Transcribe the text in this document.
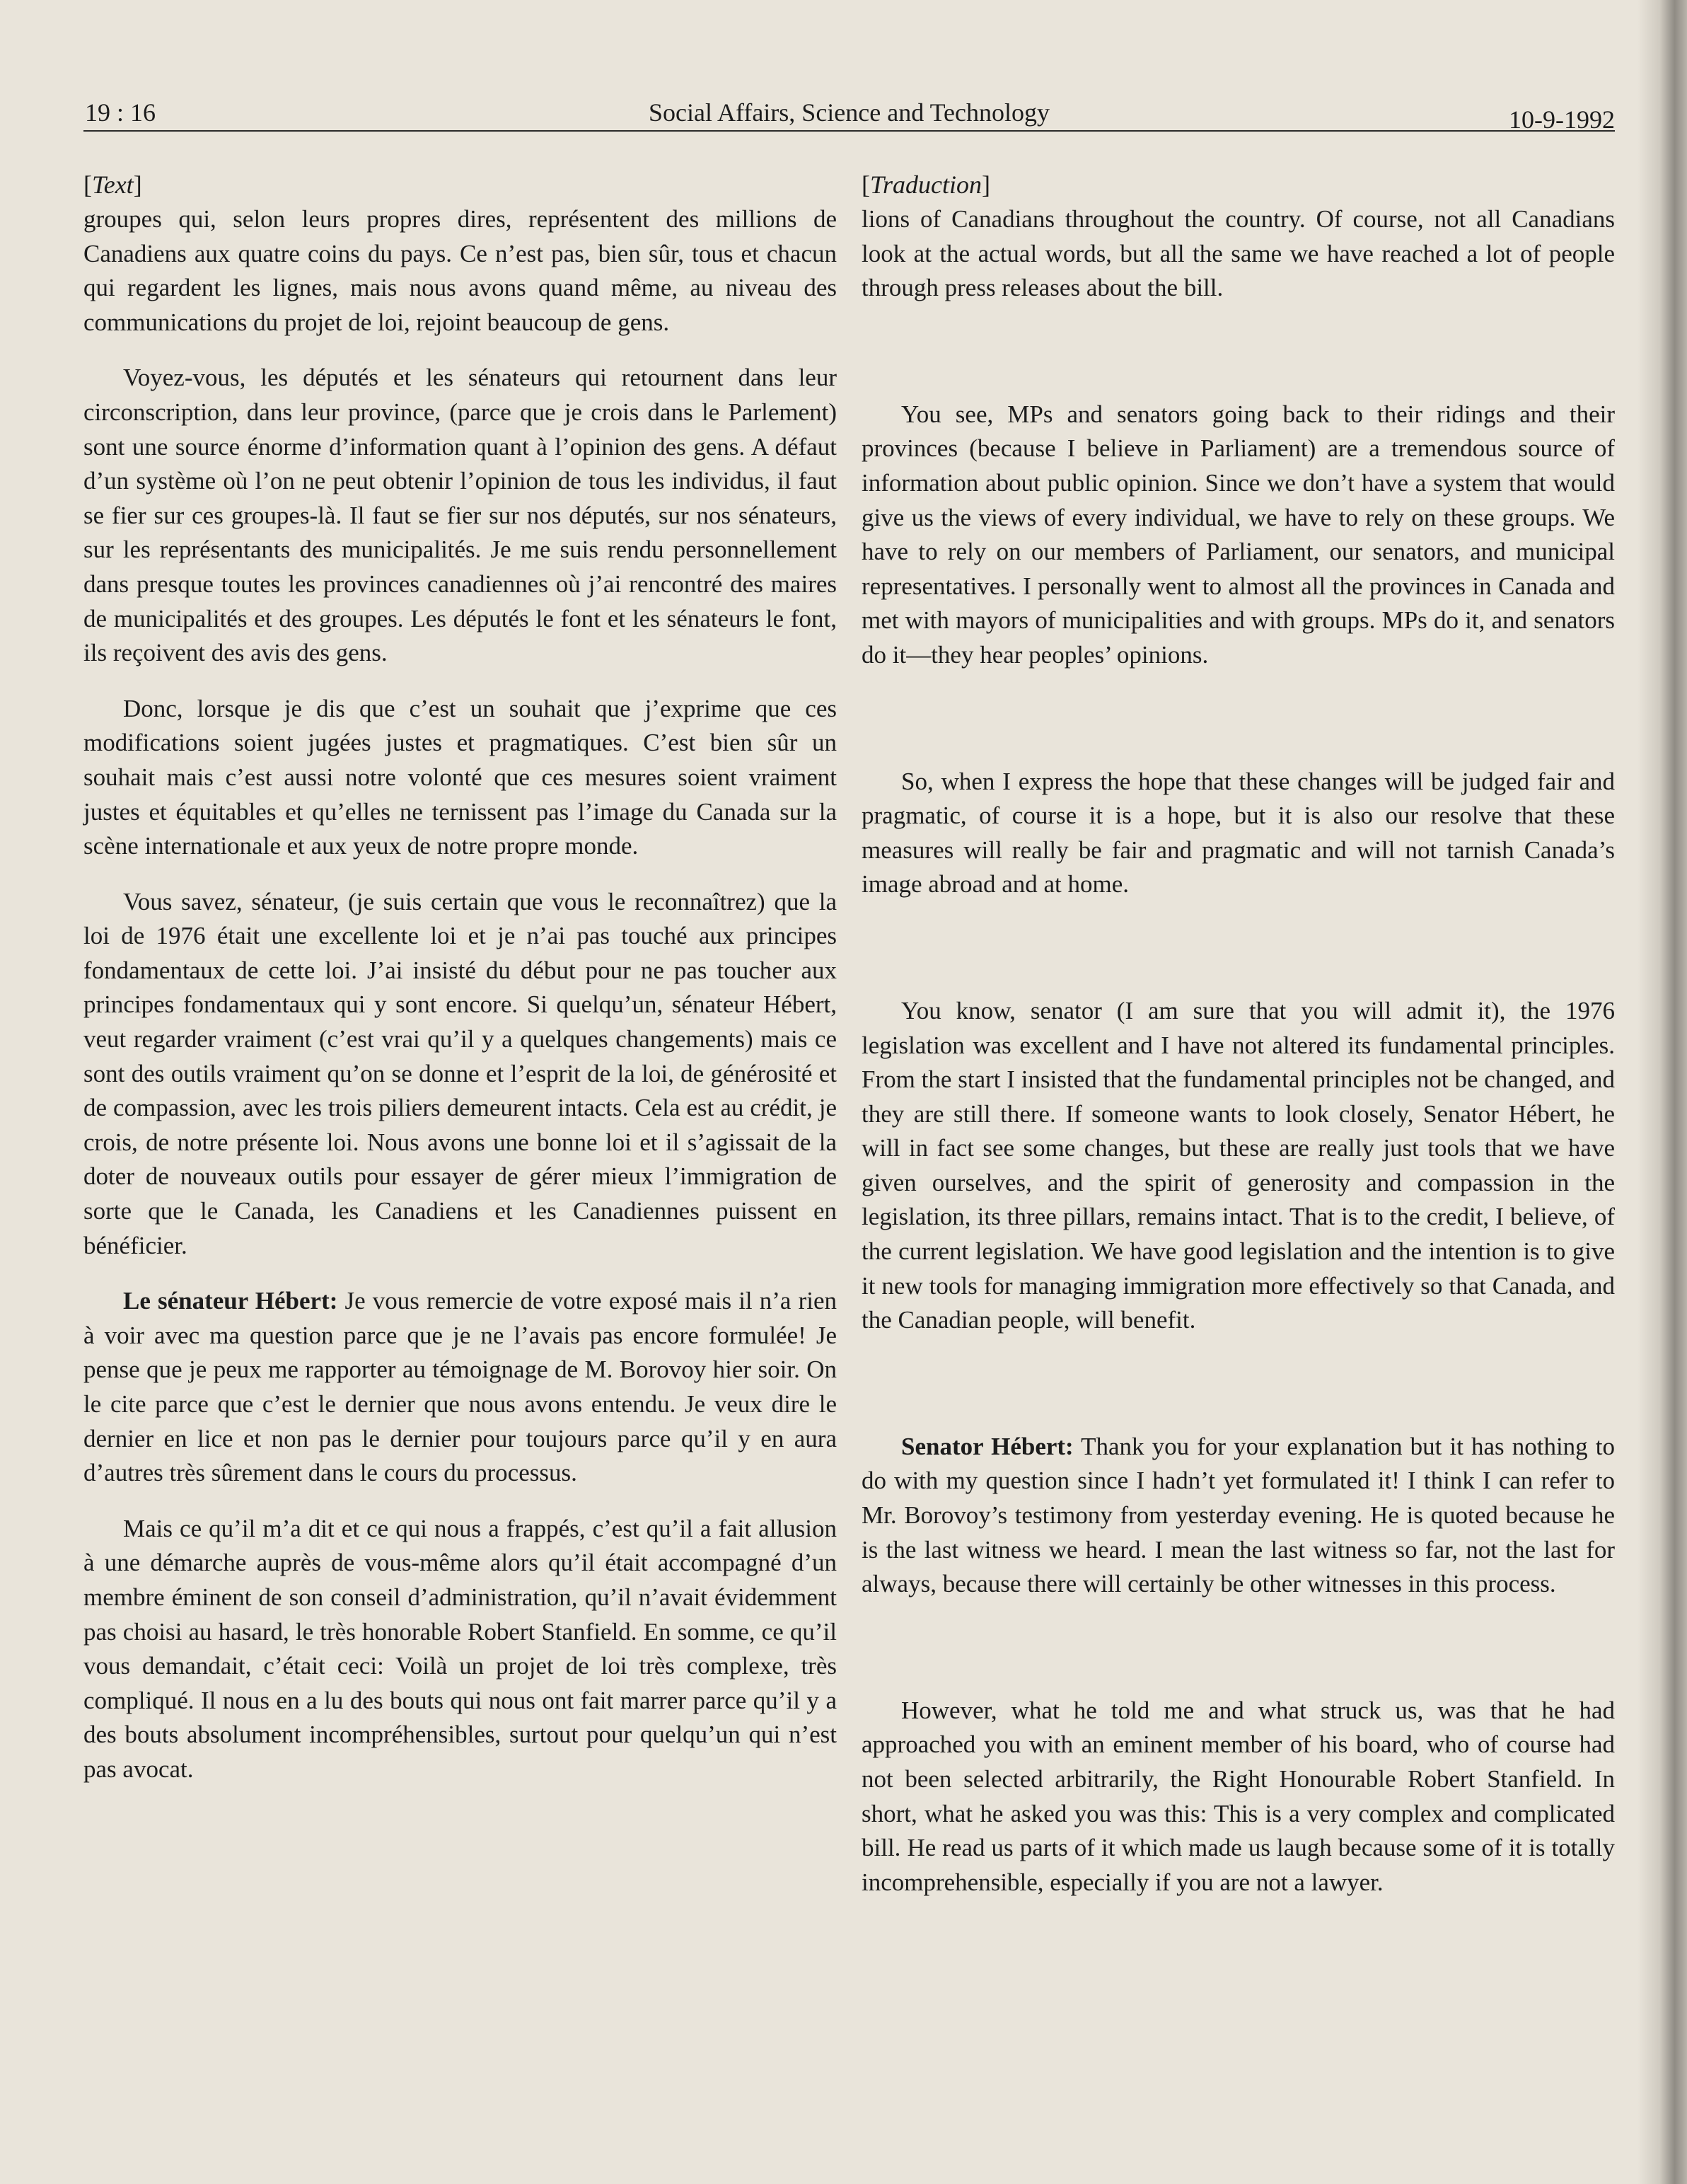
19 : 16	Social Affairs, Science and Technology	10-9-1992

[Text]

groupes qui, selon leurs propres dires, représentent des millions de Canadiens aux quatre coins du pays. Ce n’est pas, bien sûr, tous et chacun qui regardent les lignes, mais nous avons quand même, au niveau des communications du projet de loi, rejoint beaucoup de gens.

Voyez-vous, les députés et les sénateurs qui retournent dans leur circonscription, dans leur province, (parce que je crois dans le Parlement) sont une source énorme d’information quant à l’opinion des gens. A défaut d’un système où l’on ne peut obtenir l’opinion de tous les individus, il faut se fier sur ces groupes-là. Il faut se fier sur nos députés, sur nos sénateurs, sur les représentants des municipalités. Je me suis rendu personnellement dans presque toutes les provinces canadiennes où j’ai rencontré des maires de municipalités et des groupes. Les députés le font et les sénateurs le font, ils reçoivent des avis des gens.

Donc, lorsque je dis que c’est un souhait que j’exprime que ces modifications soient jugées justes et pragmatiques. C’est bien sûr un souhait mais c’est aussi notre volonté que ces mesures soient vraiment justes et équitables et qu’elles ne ternissent pas l’image du Canada sur la scène internationale et aux yeux de notre propre monde.

Vous savez, sénateur, (je suis certain que vous le reconnaîtrez) que la loi de 1976 était une excellente loi et je n’ai pas touché aux principes fondamentaux de cette loi. J’ai insisté du début pour ne pas toucher aux principes fondamentaux qui y sont encore. Si quelqu’un, sénateur Hébert, veut regarder vraiment (c’est vrai qu’il y a quelques changements) mais ce sont des outils vraiment qu’on se donne et l’esprit de la loi, de générosité et de compassion, avec les trois piliers demeurent intacts. Cela est au crédit, je crois, de notre présente loi. Nous avons une bonne loi et il s’agissait de la doter de nouveaux outils pour essayer de gérer mieux l’immigration de sorte que le Canada, les Canadiens et les Canadiennes puissent en bénéficier.

Le sénateur Hébert: Je vous remercie de votre exposé mais il n’a rien à voir avec ma question parce que je ne l’avais pas encore formulée! Je pense que je peux me rapporter au témoignage de M. Borovoy hier soir. On le cite parce que c’est le dernier que nous avons entendu. Je veux dire le dernier en lice et non pas le dernier pour toujours parce qu’il y en aura d’autres très sûrement dans le cours du processus.

Mais ce qu’il m’a dit et ce qui nous a frappés, c’est qu’il a fait allusion à une démarche auprès de vous-même alors qu’il était accompagné d’un membre éminent de son conseil d’administration, qu’il n’avait évidemment pas choisi au hasard, le très honorable Robert Stanfield. En somme, ce qu’il vous demandait, c’était ceci: Voilà un projet de loi très complexe, très compliqué. Il nous en a lu des bouts qui nous ont fait marrer parce qu’il y a des bouts absolument incompréhensibles, surtout pour quelqu’un qui n’est pas avocat.

[Traduction]

lions of Canadians throughout the country. Of course, not all Canadians look at the actual words, but all the same we have reached a lot of people through press releases about the bill.

You see, MPs and senators going back to their ridings and their provinces (because I believe in Parliament) are a tremendous source of information about public opinion. Since we don’t have a system that would give us the views of every individual, we have to rely on these groups. We have to rely on our members of Parliament, our senators, and municipal representatives. I personally went to almost all the provinces in Canada and met with mayors of municipalities and with groups. MPs do it, and senators do it—they hear peoples’ opinions.

So, when I express the hope that these changes will be judged fair and pragmatic, of course it is a hope, but it is also our resolve that these measures will really be fair and pragmatic and will not tarnish Canada’s image abroad and at home.

You know, senator (I am sure that you will admit it), the 1976 legislation was excellent and I have not altered its fundamental principles. From the start I insisted that the fundamental principles not be changed, and they are still there. If someone wants to look closely, Senator Hébert, he will in fact see some changes, but these are really just tools that we have given ourselves, and the spirit of generosity and compassion in the legislation, its three pillars, remains intact. That is to the credit, I believe, of the current legislation. We have good legislation and the intention is to give it new tools for managing immigration more effectively so that Canada, and the Canadian people, will benefit.

Senator Hébert: Thank you for your explanation but it has nothing to do with my question since I hadn’t yet formulated it! I think I can refer to Mr. Borovoy’s testimony from yesterday evening. He is quoted because he is the last witness we heard. I mean the last witness so far, not the last for always, because there will certainly be other witnesses in this process.

However, what he told me and what struck us, was that he had approached you with an eminent member of his board, who of course had not been selected arbitrarily, the Right Honourable Robert Stanfield. In short, what he asked you was this: This is a very complex and complicated bill. He read us parts of it which made us laugh because some of it is totally incomprehensible, especially if you are not a lawyer.
